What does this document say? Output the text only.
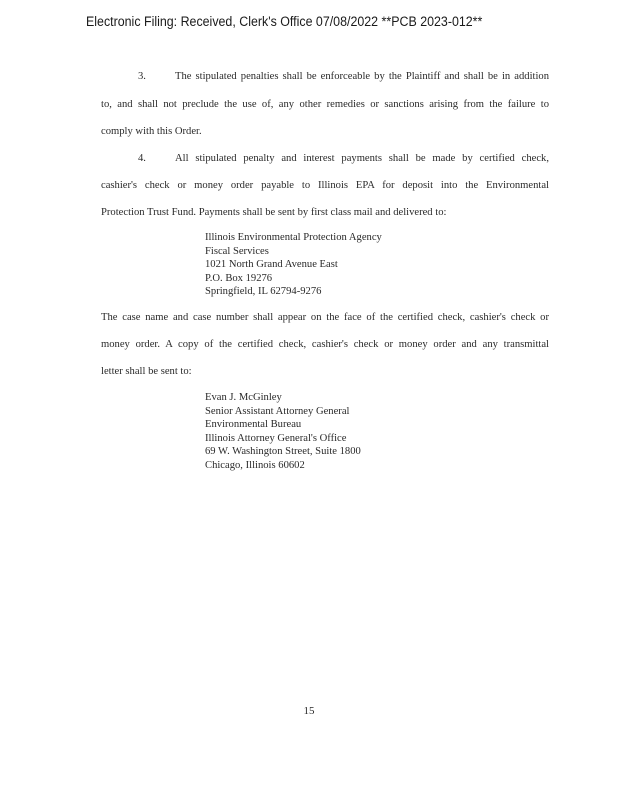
Electronic Filing: Received, Clerk's Office 07/08/2022 **PCB 2023-012**

3.	The stipulated penalties shall be enforceable by the Plaintiff and shall be in addition

to, and shall not preclude the use of, any other remedies or sanctions arising from the failure to

comply with this Order.

4.	All stipulated penalty and interest payments shall be made by certified check,

cashier's check or money order payable to Illinois EPA for deposit into the Environmental

Protection Trust Fund. Payments shall be sent by first class mail and delivered to:

Illinois Environmental Protection Agency
Fiscal Services
1021 North Grand Avenue East
P.O. Box 19276
Springfield, IL 62794-9276

The case name and case number shall appear on the face of the certified check, cashier's check or

money order. A copy of the certified check, cashier's check or money order and any transmittal

letter shall be sent to:

Evan J. McGinley
Senior Assistant Attorney General
Environmental Bureau
Illinois Attorney General's Office
69 W. Washington Street, Suite 1800
Chicago, Illinois 60602
15
